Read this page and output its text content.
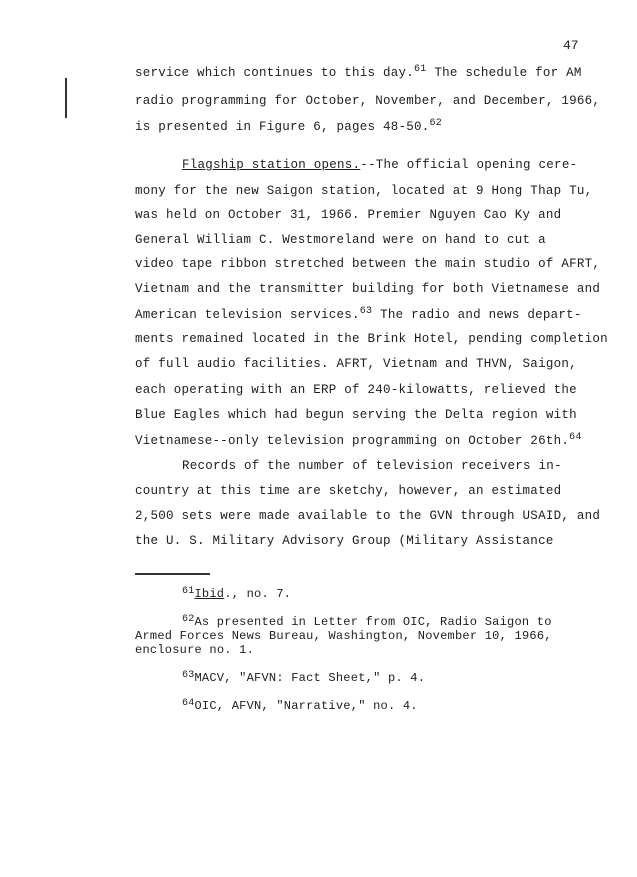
47
service which continues to this day.$^{61}$ The schedule for AM
radio programming for October, November, and December, 1966,
is presented in Figure 6, pages 48-50.62
Flagship station opens.--The official opening cere-
mony for the new Saigon station, located at 9 Hong Thap Tu,
was held on October 31, 1966. Premier Nguyen Cao Ky and
General William C. Westmoreland were on hand to cut a
video tape ribbon stretched between the main studio of AFRT,
Vietnam and the transmitter building for both Vietnamese and
American television services.$^{63}$ The radio and news depart-
ments remained located in the Brink Hotel, pending completion
of full audio facilities. AFRT, Vietnam and THVN, Saigon,
each operating with an ERP of 240-kilowatts, relieved the
Blue Eagles which had begun serving the Delta region with
Vietnamese--only television programming on October 26th.$^{64}$
Records of the number of television receivers in-
country at this time are sketchy, however, an estimated
2,500 sets were made available to the GVN through USAID, and
the U. S. Military Advisory Group (Military Assistance
$^{61}$Ibid., no. 7.
$^{62}$As presented in Letter from OIC, Radio Saigon to
Armed Forces News Bureau, Washington, November 10, 1966,
enclosure no. 1.
$^{63}$MACV, "AFVN: Fact Sheet," p. 4.
$^{64}$OIC, AFVN, "Narrative," no. 4.
